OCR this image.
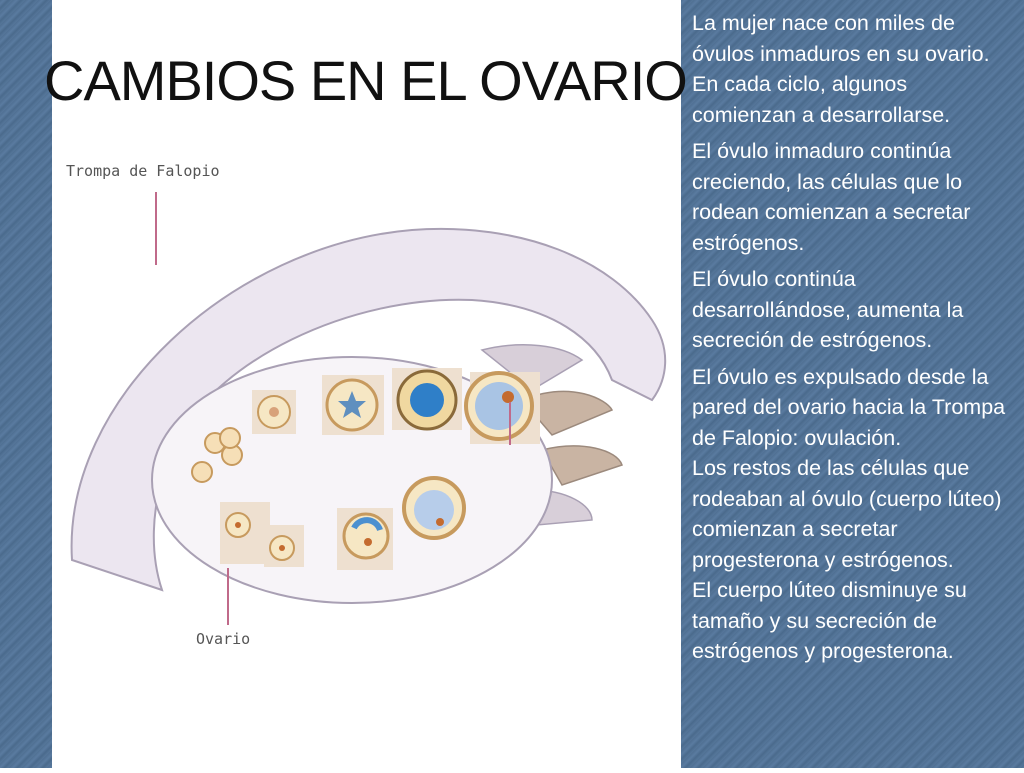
CAMBIOS EN EL OVARIO
Trompa de Falopio
Ovario

La mujer nace con miles de óvulos inmaduros en su ovario. En cada ciclo, algunos comienzan a desarrollarse.

El óvulo inmaduro continúa creciendo, las células que lo rodean comienzan a secretar estrógenos.

El óvulo continúa desarrollándose, aumenta la secreción de estrógenos.

El óvulo es expulsado desde la pared del ovario hacia la Trompa de Falopio: ovulación.

Los restos de las células que rodeaban al óvulo (cuerpo lúteo) comienzan a secretar progesterona y estrógenos.

El cuerpo lúteo disminuye su tamaño y su secreción de estrógenos y progesterona.
